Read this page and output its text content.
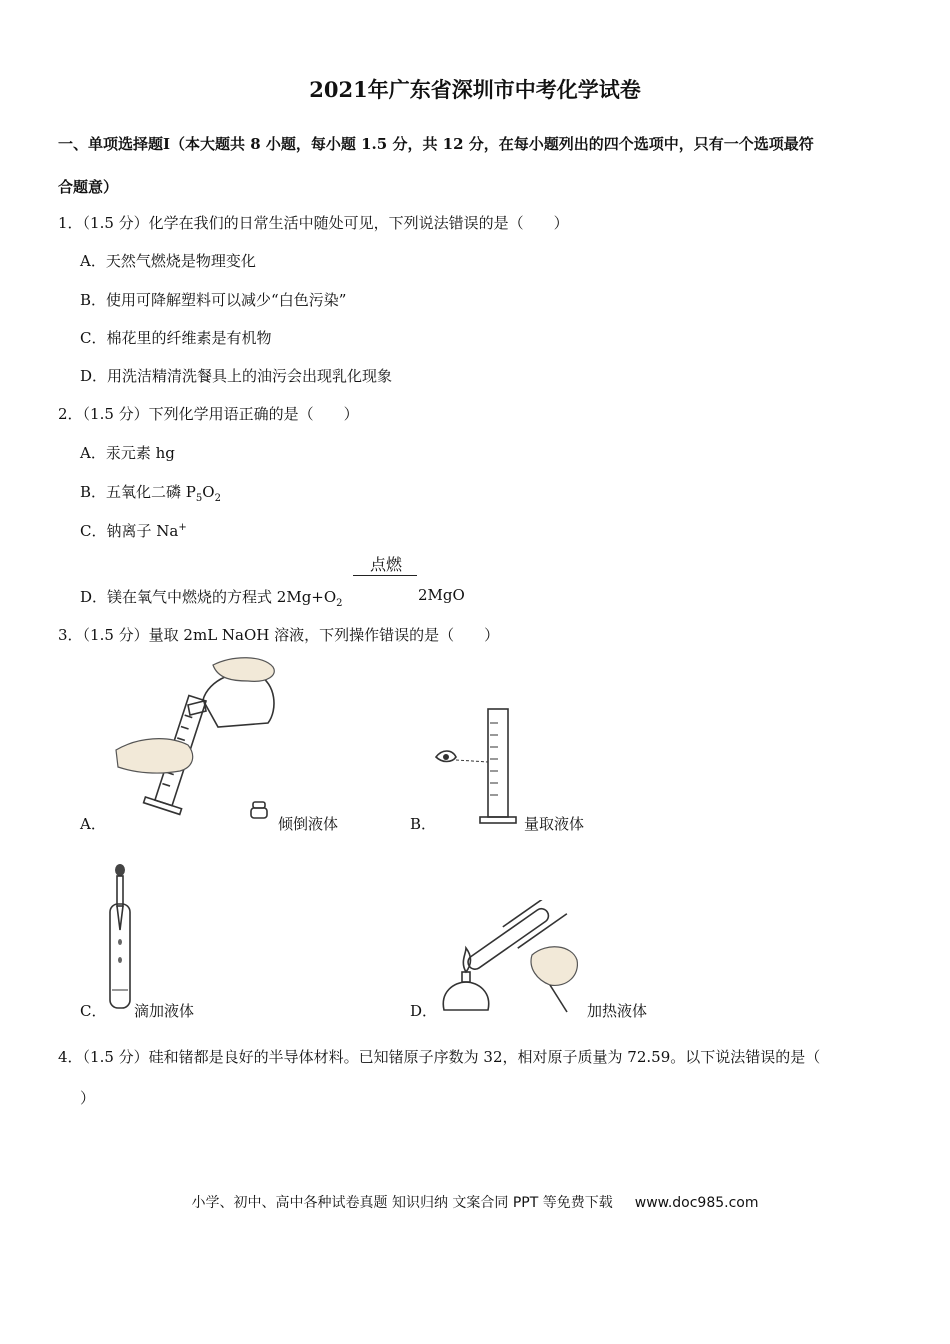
2021年广东省深圳市中考化学试卷
一、单项选择题Ⅰ（本大题共 8 小题，每小题 1.5 分，共 12 分，在每小题列出的四个选项中，只有一个选项最符
合题意）
1．（1.5 分）化学在我们的日常生活中随处可见，下列说法错误的是（　　）
A．天然气燃烧是物理变化
B．使用可降解塑料可以减少“白色污染”
C．棉花里的纤维素是有机物
D．用洗洁精清洗餐具上的油污会出现乳化现象
2．（1.5 分）下列化学用语正确的是（　　）
A．汞元素 hg
B．五氧化二磷 $P_5O_2$
C．钠离子 Na+
点燃
D．镁在氧气中燃烧的方程式 $2Mg+O_2$	2MgO
3．（1.5 分）量取 2mL NaOH 溶液，下列操作错误的是（　　）
A．	倾倒液体	B．	量取液体
C． 滴加液体	D．	加热液体
4．（1.5 分）硅和锗都是良好的半导体材料。已知锗原子序数为 32，相对原子质量为 72.59。以下说法错误的是（
）
小学、初中、高中各种试卷真题 知识归纳 文案合同 PPT 等免费下载 www.doc985.com
